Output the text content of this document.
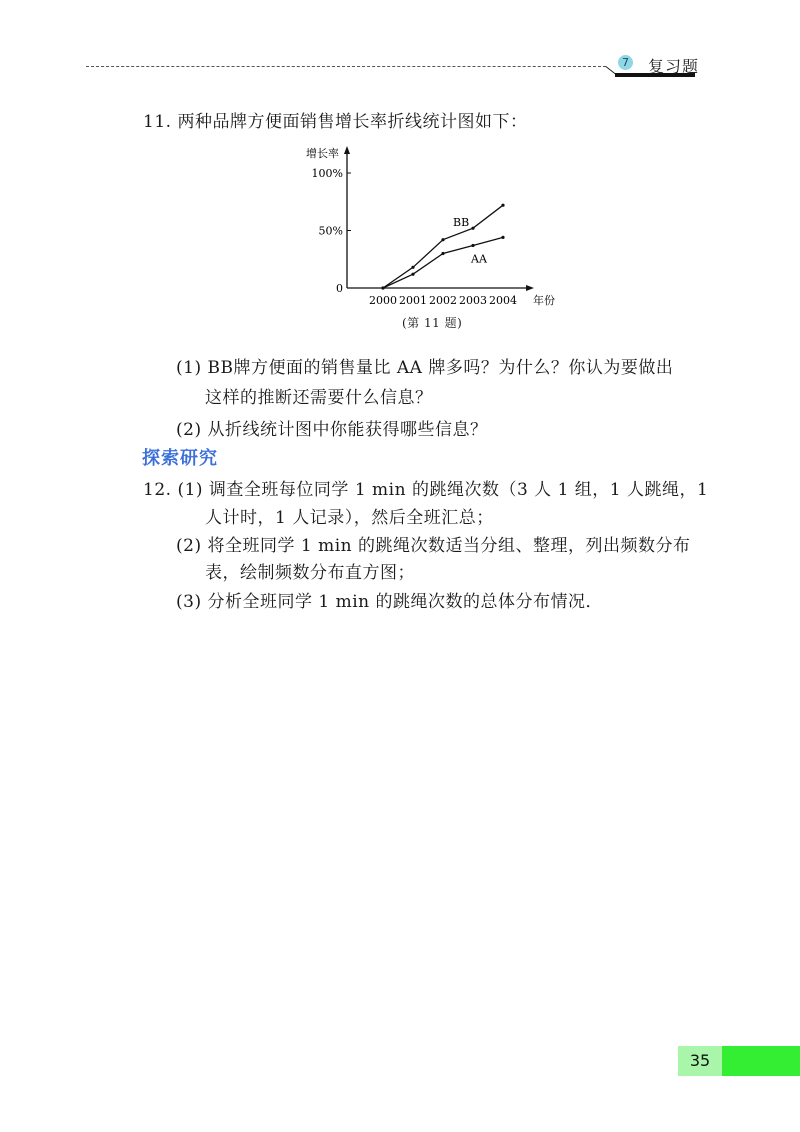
7 复习题
11. 两种品牌方便面销售增长率折线统计图如下：
增长率
年份
0
50%
100%
2000 2001 2002 2003 2004
BB
AA
(第 11 题)
(1) BB牌方便面的销售量比 AA 牌多吗？为什么？你认为要做出
这样的推断还需要什么信息？
(2) 从折线统计图中你能获得哪些信息？
探索研究
12. (1) 调查全班每位同学 1 min 的跳绳次数（3 人 1 组，1 人跳绳，1
人计时，1 人记录），然后全班汇总；
(2) 将全班同学 1 min 的跳绳次数适当分组、整理，列出频数分布
表，绘制频数分布直方图；
(3) 分析全班同学 1 min 的跳绳次数的总体分布情况．
35
